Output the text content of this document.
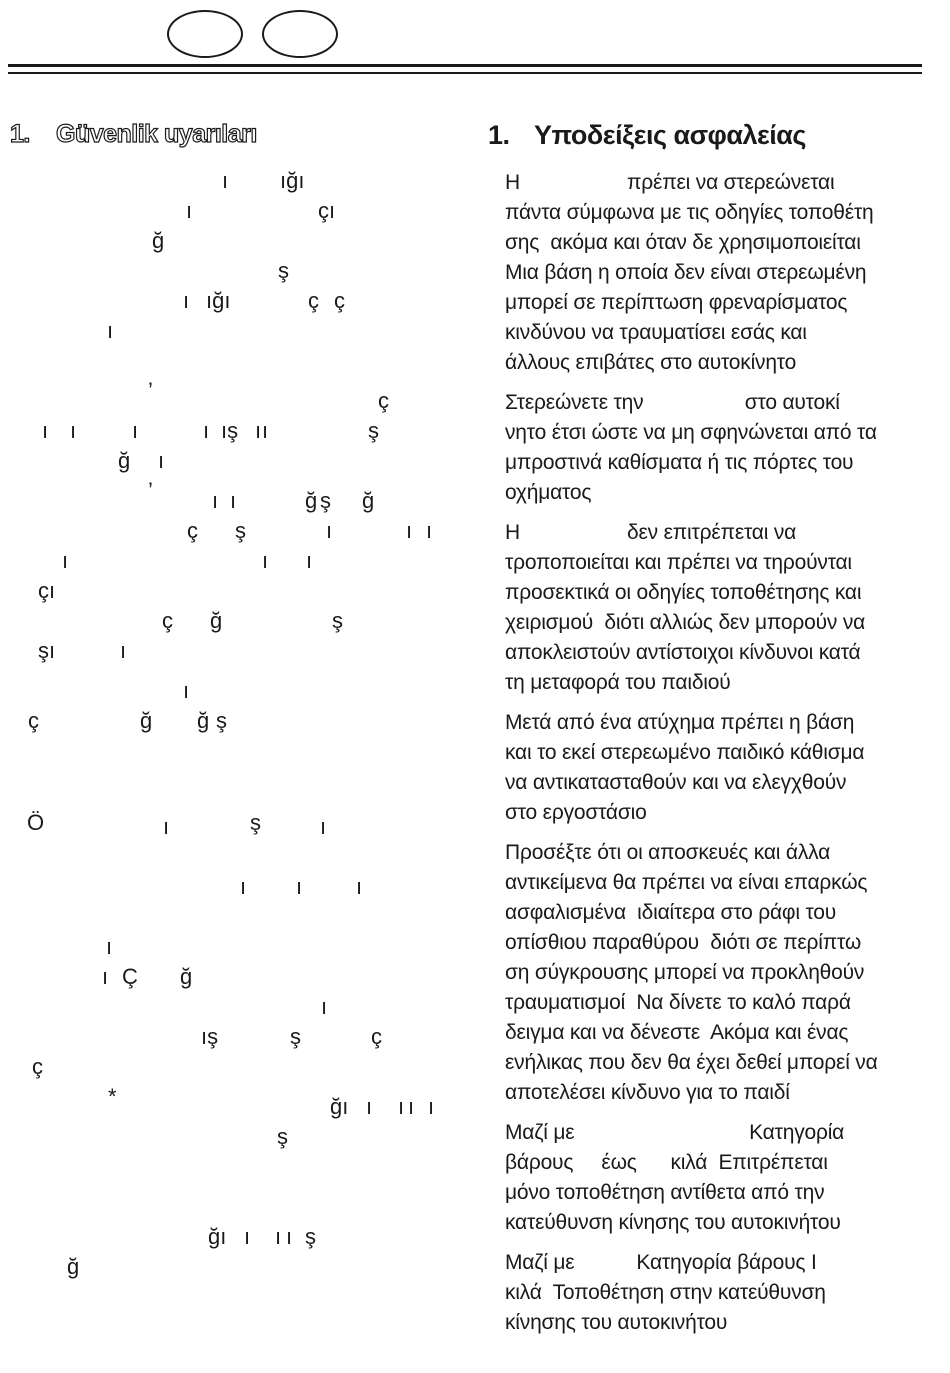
1. Güvenlik uyarıları
ı ığı
ı	çı
ğ
ş
ı ığı	ç ç
ı
’	ç
ı ı	ı	ı ış ı ı	ş
ğ ı
’	ı ı	ğ ş ğ
ç ş	ı	ı ı
ı	ı ı
çı
ç ğ	ş
şı	ı
ı
ç	ğ ğ ş
Ö	ı	ş	ı
ı ı ı
ı
ı Ç ğ
ı
ış	ş	ç
ç
*	ğı ı ı ı ı
ş
ğı ı ı ı ş
ğ
1. Υποδείξεις ασφαλείας
Η                   πρέπει να στερεώνεται
πάντα σύμφωνα με τις οδηγίες τοποθέτη
σης  ακόμα και όταν δε χρησιμοποιείται
Μια βάση η οποία δεν είναι στερεωμένη
μπορεί σε περίπτωση φρεναρίσματος
κινδύνου να τραυματίσει εσάς και
άλλους επιβάτες στο αυτοκίνητο
Στερεώνετε την                  στο αυτοκί
νητο έτσι ώστε να μη σφηνώνεται από τα
μπροστινά καθίσματα ή τις πόρτες του
οχήματος
Η                   δεν επιτρέπεται να
τροποποιείται και πρέπει να τηρούνται
προσεκτικά οι οδηγίες τοποθέτησης και
χειρισμού  διότι αλλιώς δεν μπορούν να
αποκλειστούν αντίστοιχοι κίνδυνοι κατά
τη μεταφορά του παιδιού
Μετά από ένα ατύχημα πρέπει η βάση
και το εκεί στερεωμένο παιδικό κάθισμα
να αντικατασταθούν και να ελεγχθούν
στο εργοστάσιο
Προσέξτε ότι οι αποσκευές και άλλα
αντικείμενα θα πρέπει να είναι επαρκώς
ασφαλισμένα  ιδιαίτερα στο ράφι του
οπίσθιου παραθύρου  διότι σε περίπτω
ση σύγκρουσης μπορεί να προκληθούν
τραυματισμοί  Να δίνετε το καλό παρά
δειγμα και να δένεστε  Ακόμα και ένας
ενήλικας που δεν θα έχει δεθεί μπορεί να
αποτελέσει κίνδυνο για το παιδί
Μαζί με                               Κατηγορία
βάρους     έως      κιλά  Επιτρέπεται
μόνο τοποθέτηση αντίθετα από την
κατεύθυνση κίνησης του αυτοκινήτου
Μαζί με           Κατηγορία βάρους Ι
κιλά  Τοποθέτηση στην κατεύθυνση
κίνησης του αυτοκινήτου
